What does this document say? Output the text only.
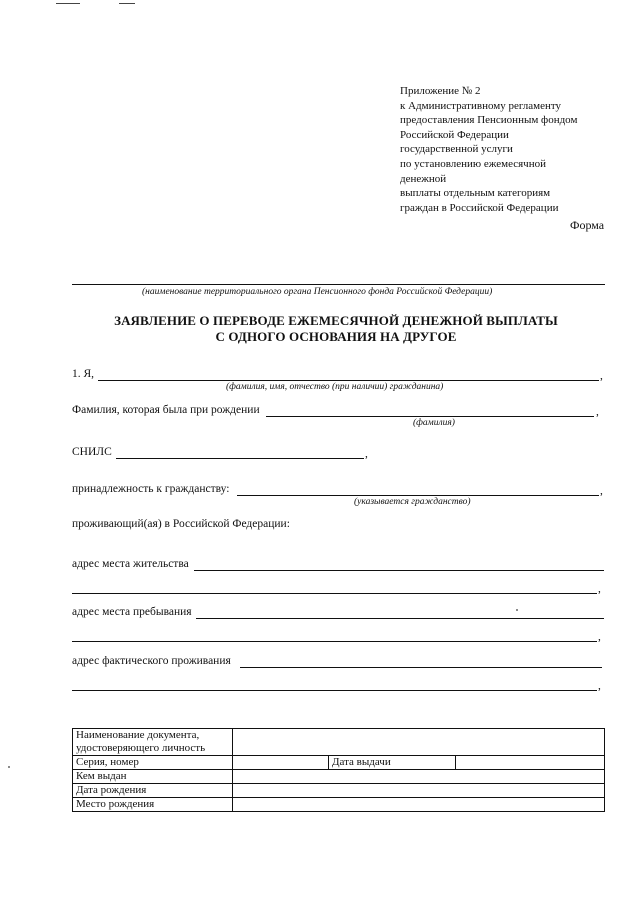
Приложение № 2
к Административному регламенту
предоставления Пенсионным фондом
Российской Федерации
государственной услуги
по установлению ежемесячной
денежной
выплаты отдельным категориям
граждан в Российской Федерации
Форма
(наименование территориального органа Пенсионного фонда Российской Федерации)
ЗАЯВЛЕНИЕ О ПЕРЕВОДЕ ЕЖЕМЕСЯЧНОЙ ДЕНЕЖНОЙ ВЫПЛАТЫ
С ОДНОГО ОСНОВАНИЯ НА ДРУГОЕ
1. Я,	,
(фамилия, имя, отчество (при наличии) гражданина)
Фамилия, которая была при рождении	,
(фамилия)
СНИЛС	,
принадлежность к гражданству:	,
(указывается гражданство)
проживающий(ая) в Российской Федерации:
адрес места жительства
,
адрес места пребывания
,
адрес фактического проживания
,
Наименование документа, удостоверяющего личность			
Серия, номер		Дата выдачи	
Кем выдан			
Дата рождения			
Место рождения			
